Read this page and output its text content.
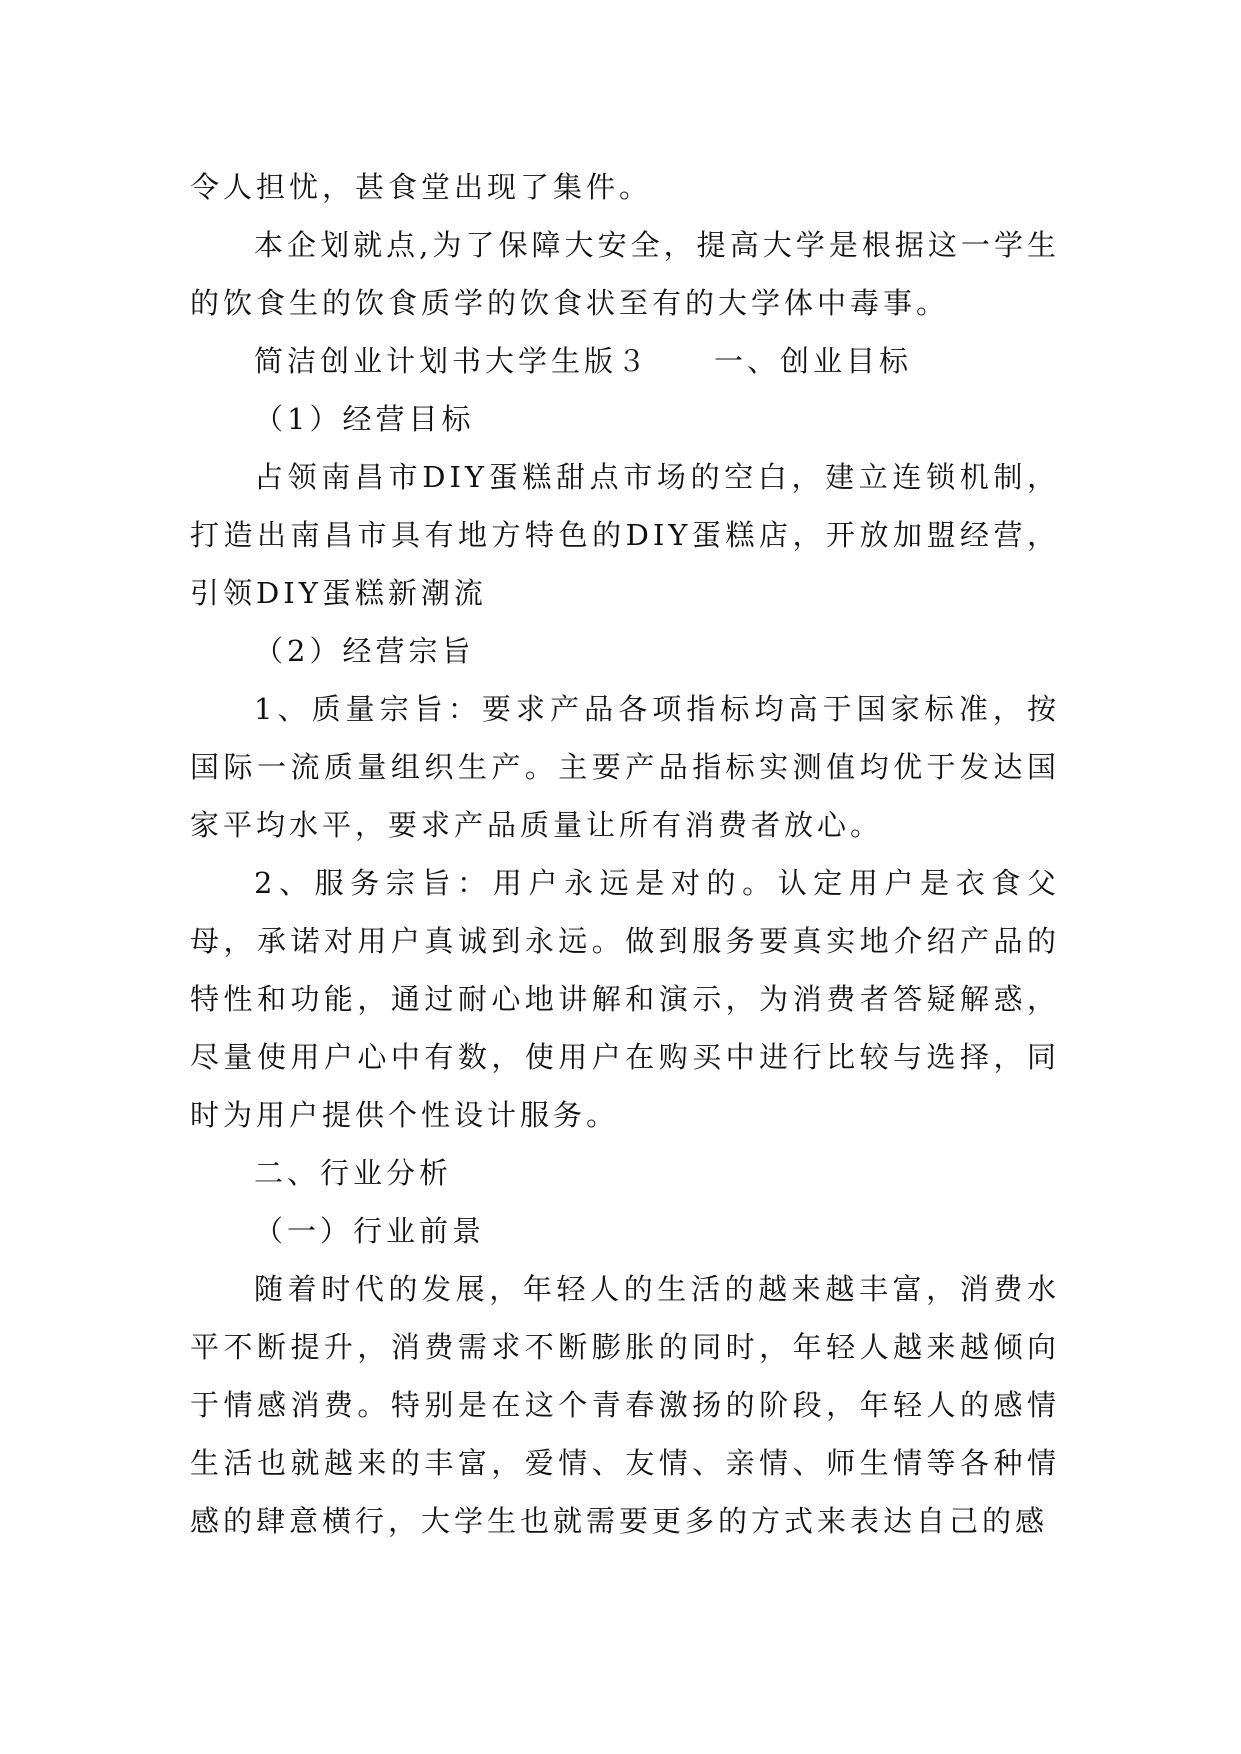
令人担忧，甚食堂出现了集件。

本企划就点,为了保障大安全，提高大学是根据这一学生的饮食生的饮食质学的饮食状至有的大学体中毒事。

简洁创业计划书大学生版３ 一、创业目标

（1）经营目标

占领南昌市DIY蛋糕甜点市场的空白，建立连锁机制，打造出南昌市具有地方特色的DIY蛋糕店，开放加盟经营，引领DIY蛋糕新潮流

（2）经营宗旨

1、质量宗旨：要求产品各项指标均高于国家标准，按国际一流质量组织生产。主要产品指标实测值均优于发达国家平均水平，要求产品质量让所有消费者放心。

2、服务宗旨：用户永远是对的。认定用户是衣食父母，承诺对用户真诚到永远。做到服务要真实地介绍产品的特性和功能，通过耐心地讲解和演示，为消费者答疑解惑，尽量使用户心中有数，使用户在购买中进行比较与选择，同时为用户提供个性设计服务。

二、行业分析

（一）行业前景

随着时代的发展，年轻人的生活的越来越丰富，消费水平不断提升，消费需求不断膨胀的同时，年轻人越来越倾向于情感消费。特别是在这个青春激扬的阶段，年轻人的感情生活也就越来的丰富，爱情、友情、亲情、师生情等各种情感的肆意横行，大学生也就需要更多的方式来表达自己的感
